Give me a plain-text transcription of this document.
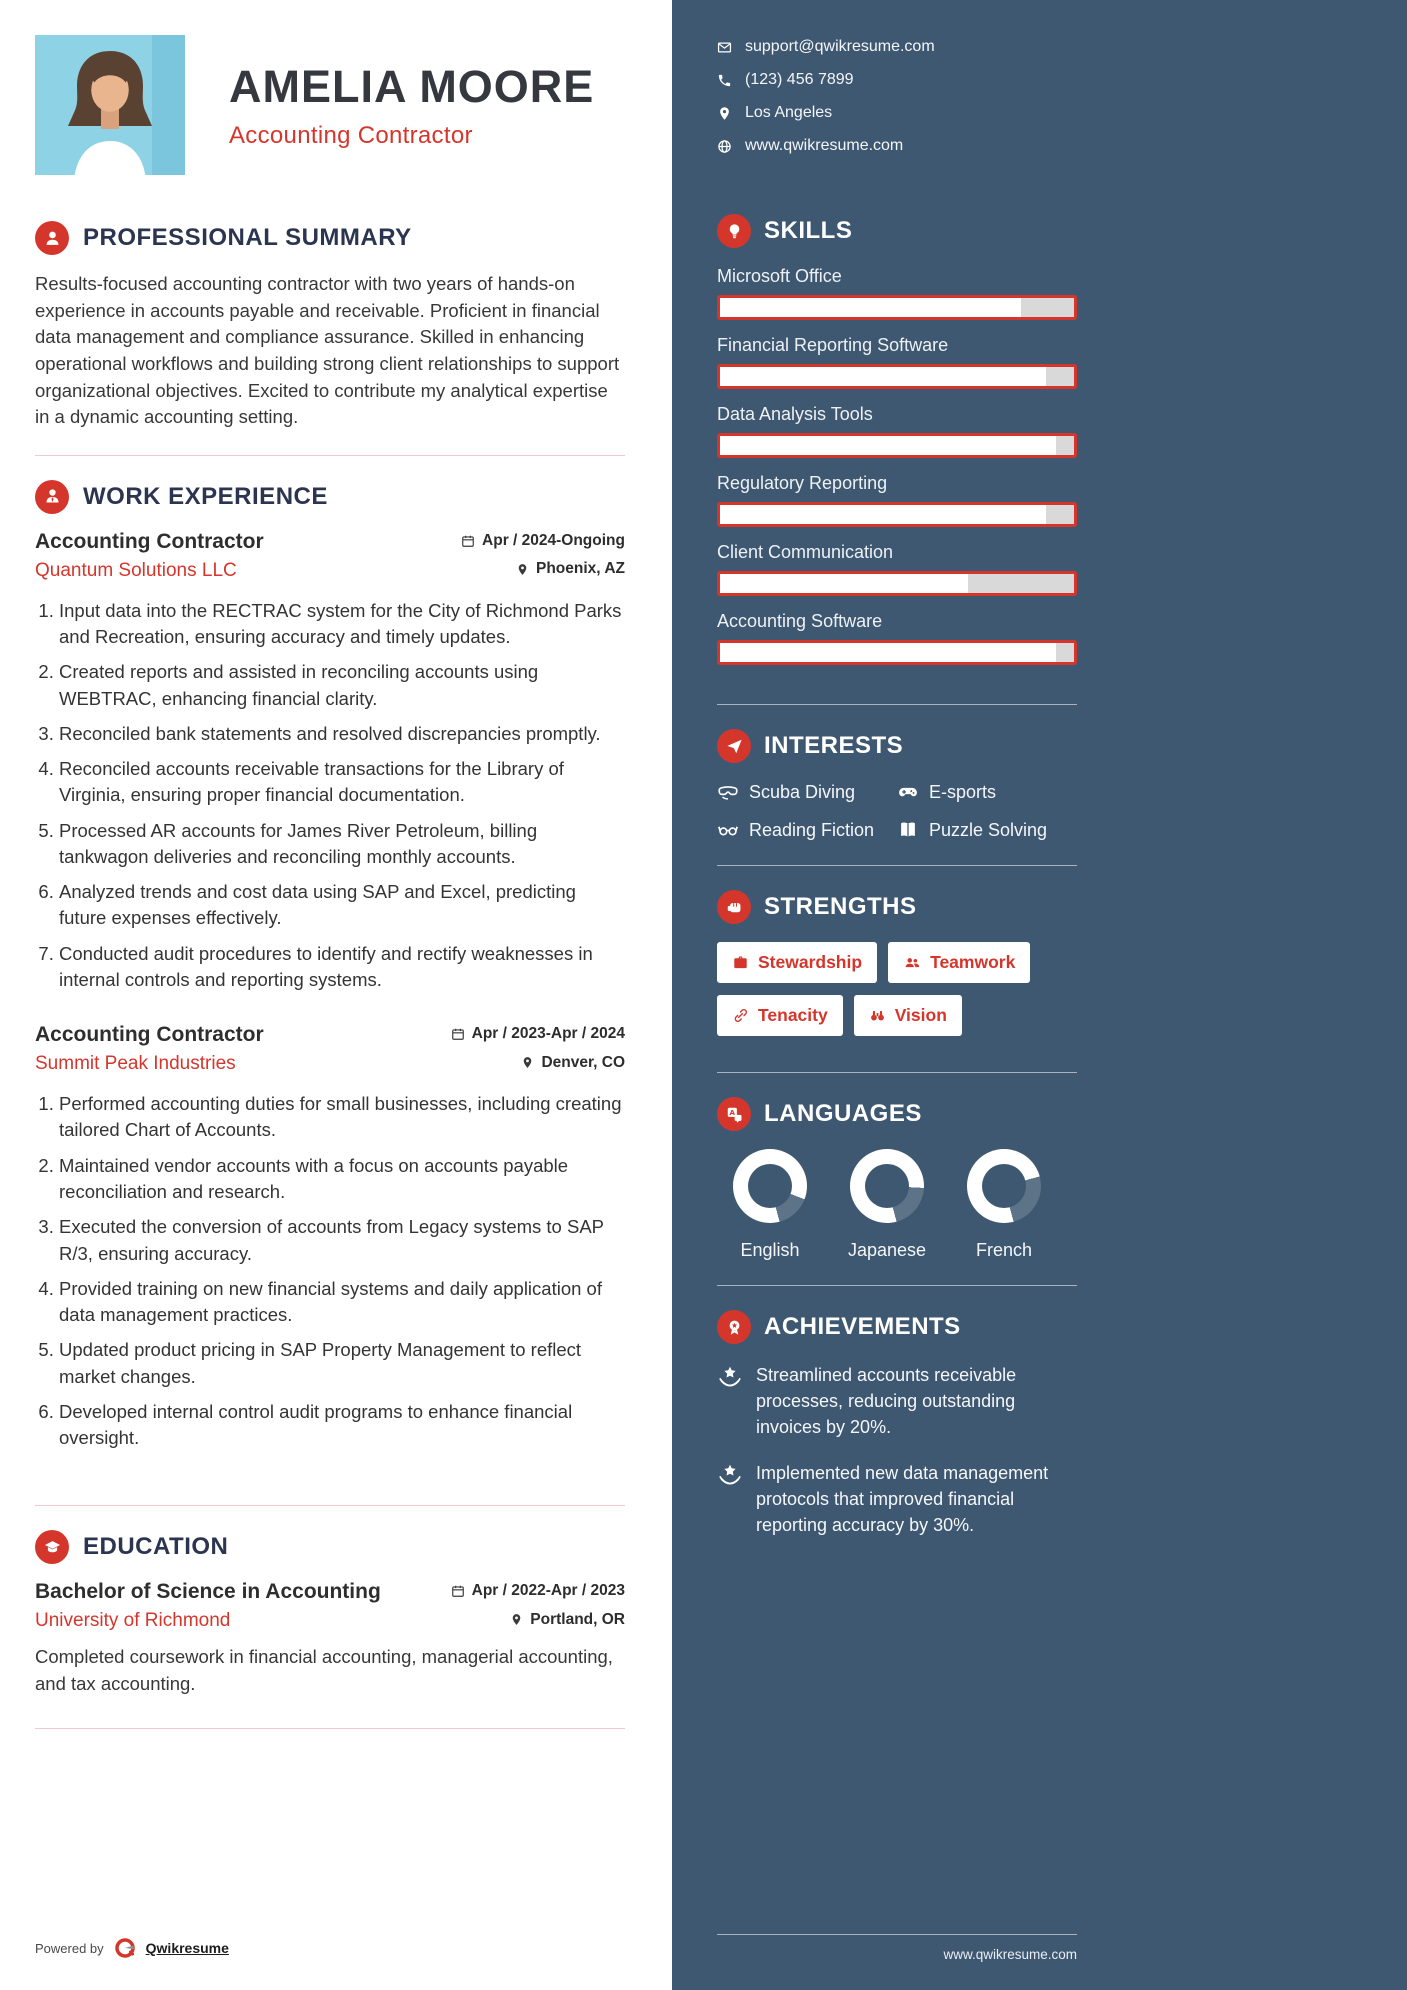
AMELIA MOORE
Accounting Contractor
PROFESSIONAL SUMMARY

Results-focused accounting contractor with two years of hands-on experience in accounts payable and receivable. Proficient in financial data management and compliance assurance. Skilled in enhancing operational workflows and building strong client relationships to support organizational objectives. Excited to contribute my analytical expertise in a dynamic accounting setting.

WORK EXPERIENCE
Accounting Contractor	Apr / 2024-Ongoing
Quantum Solutions LLC	Phoenix, AZ
1. Input data into the RECTRAC system for the City of Richmond Parks and Recreation, ensuring accuracy and timely updates.
2. Created reports and assisted in reconciling accounts using WEBTRAC, enhancing financial clarity.
3. Reconciled bank statements and resolved discrepancies promptly.
4. Reconciled accounts receivable transactions for the Library of Virginia, ensuring proper financial documentation.
5. Processed AR accounts for James River Petroleum, billing tankwagon deliveries and reconciling monthly accounts.
6. Analyzed trends and cost data using SAP and Excel, predicting future expenses effectively.
7. Conducted audit procedures to identify and rectify weaknesses in internal controls and reporting systems.
Accounting Contractor	Apr / 2023-Apr / 2024
Summit Peak Industries	Denver, CO
1. Performed accounting duties for small businesses, including creating tailored Chart of Accounts.
2. Maintained vendor accounts with a focus on accounts payable reconciliation and research.
3. Executed the conversion of accounts from Legacy systems to SAP R/3, ensuring accuracy.
4. Provided training on new financial systems and daily application of data management practices.
5. Updated product pricing in SAP Property Management to reflect market changes.
6. Developed internal control audit programs to enhance financial oversight.
EDUCATION
Bachelor of Science in Accounting	Apr / 2022-Apr / 2023
University of Richmond	Portland, OR

Completed coursework in financial accounting, managerial accounting, and tax accounting.

Powered by	Qwikresume
support@qwikresume.com
(123) 456 7899
Los Angeles
www.qwikresume.com
SKILLS
Microsoft Office
Financial Reporting Software
Data Analysis Tools
Regulatory Reporting
Client Communication
Accounting Software
INTERESTS
Scuba Diving	E-sports
Reading Fiction	Puzzle Solving
STRENGTHS
Stewardship	Teamwork
Tenacity	Vision
A LANGUAGES
English	Japanese	French
ACHIEVEMENTS

Streamlined accounts receivable processes, reducing outstanding invoices by 20%.

Implemented new data management protocols that improved financial reporting accuracy by 30%.

www.qwikresume.com
